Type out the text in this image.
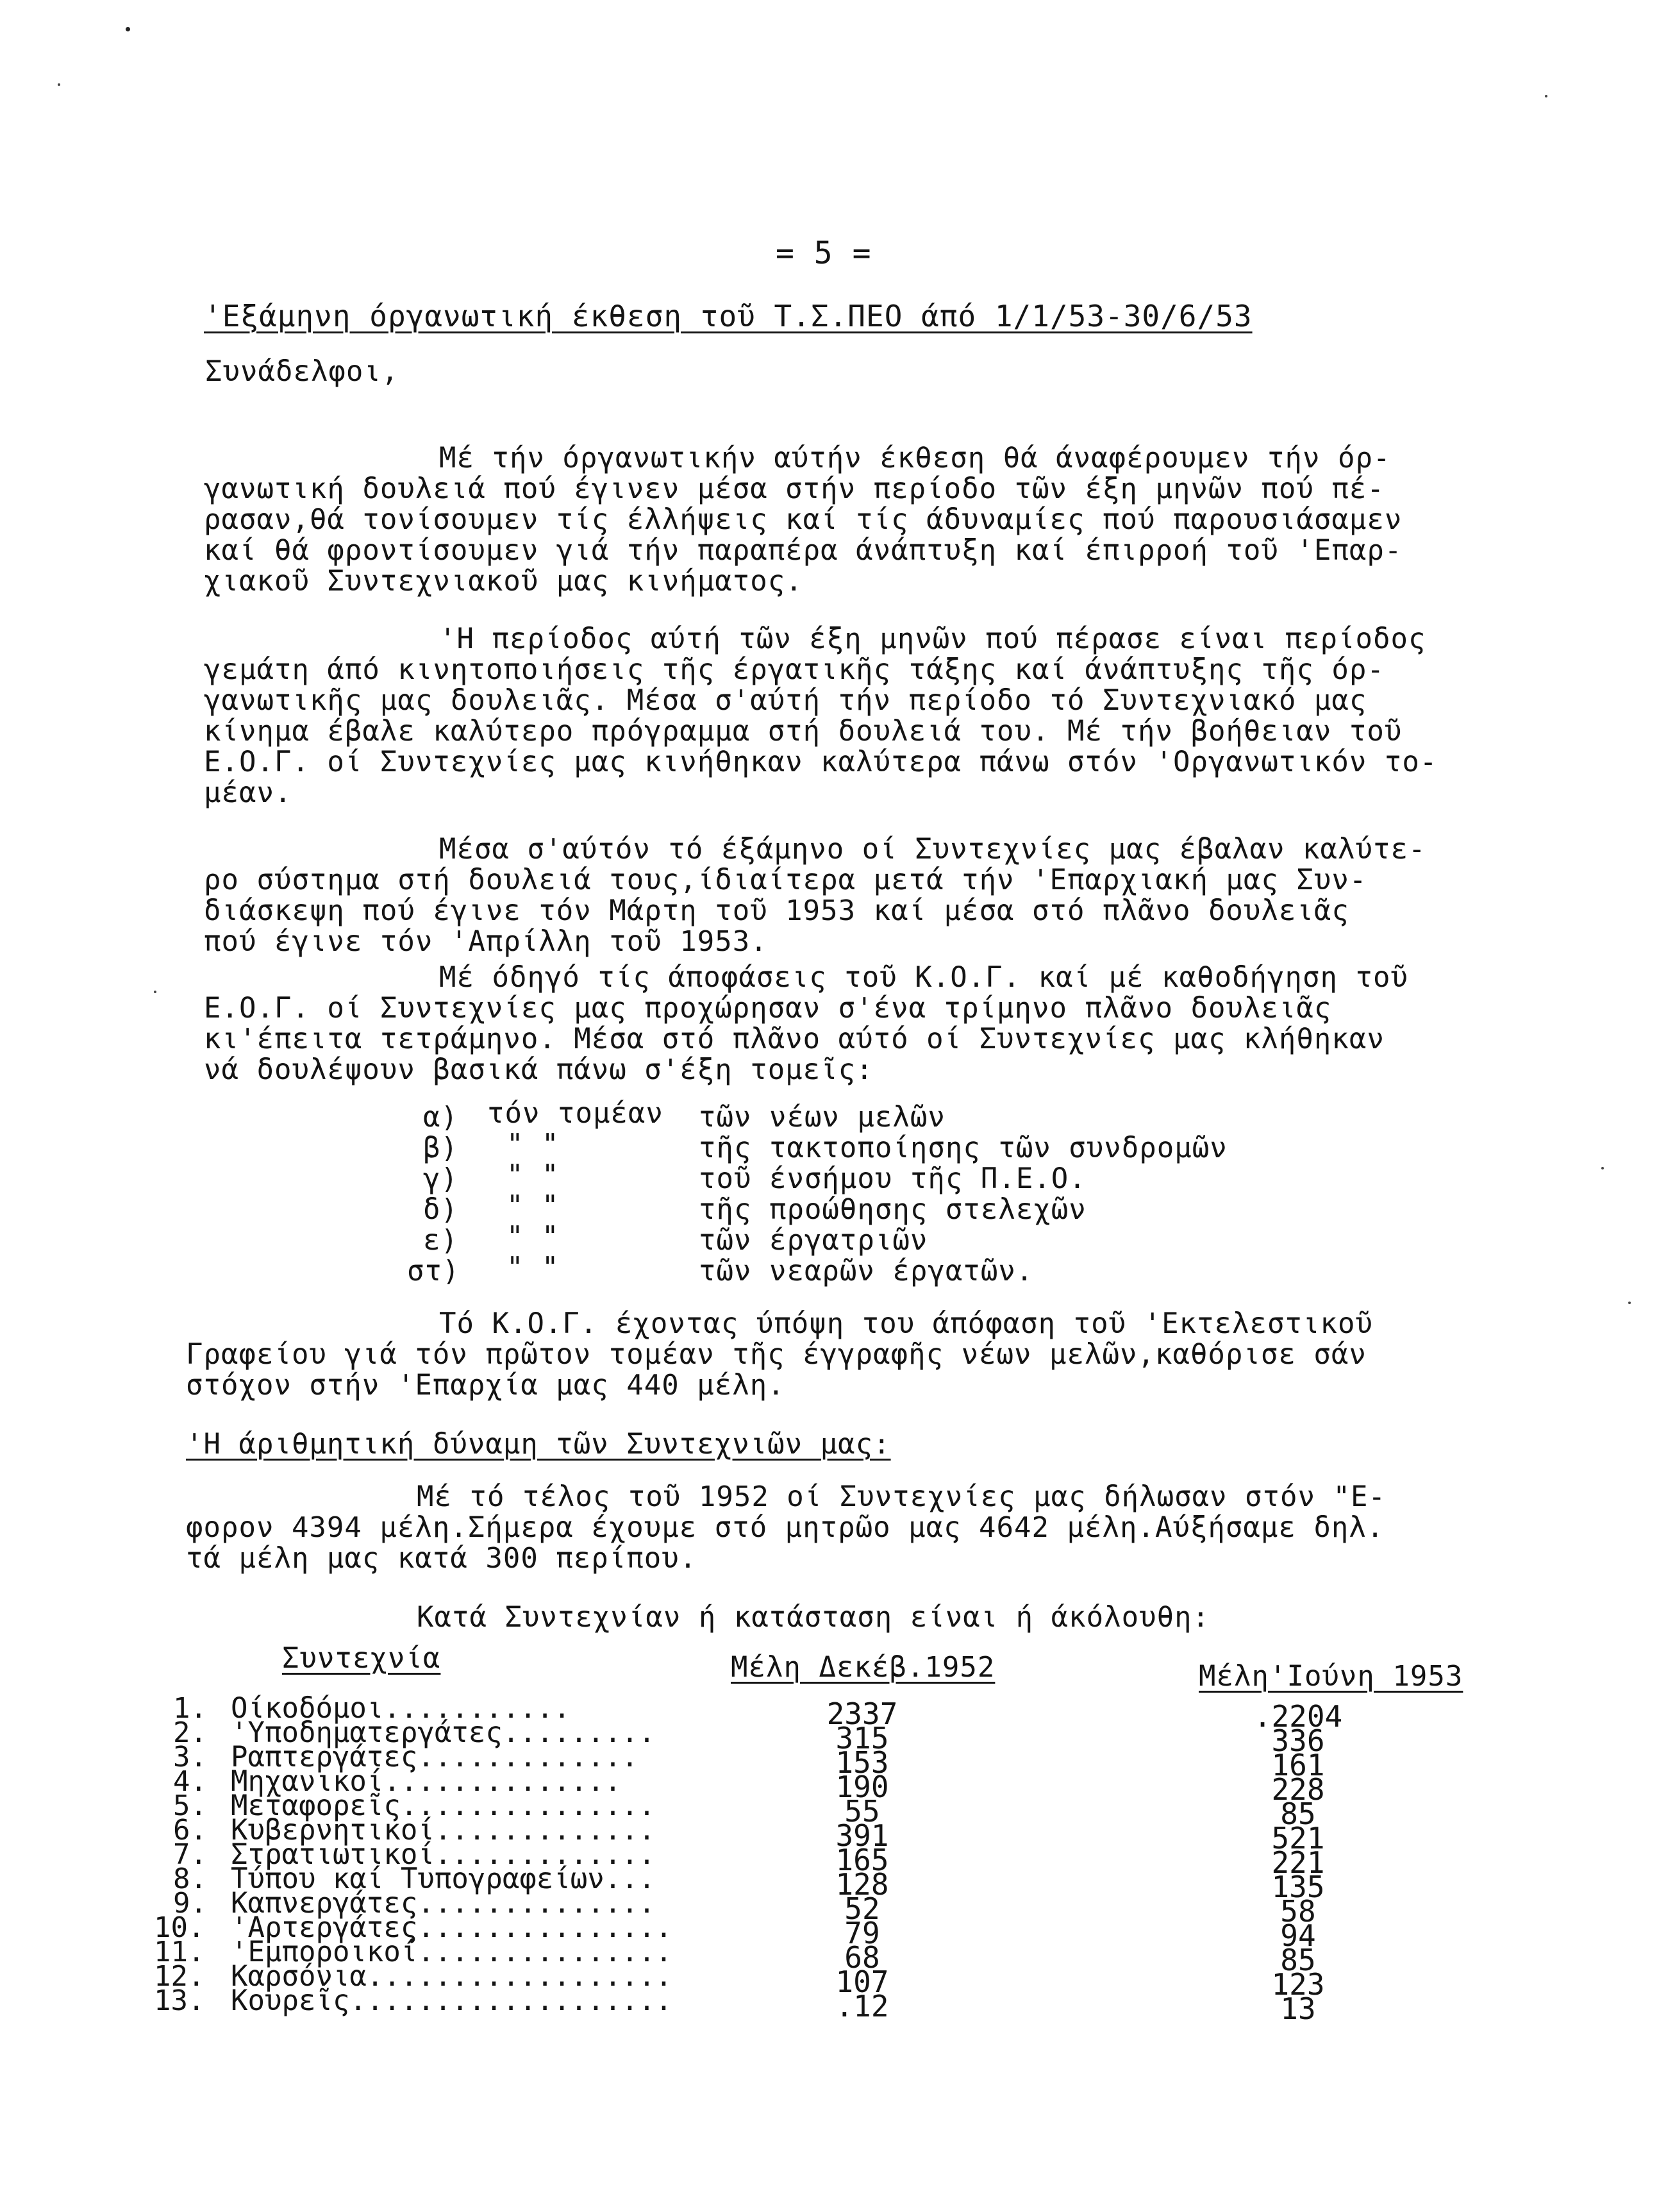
= 5 =
'Εξάμηνη όργανωτική έκθεση τοῦ Τ.Σ.ΠΕΟ άπό 1/1/53-30/6/53
Συνάδελφοι,
Μέ τήν όργανωτικήν αύτήν έκθεση θά άναφέρουμεν τήν όρ-
γανωτική δουλειά πού έγινεν μέσα στήν περίοδο τῶν έξη μηνῶν πού πέ-
ρασαν,θά τονίσουμεν τίς έλλήψεις καί τίς άδυναμίες πού παρουσιάσαμεν
καί θά φροντίσουμεν γιά τήν παραπέρα άνάπτυξη καί έπιρροή τοῦ 'Επαρ-
χιακοῦ Συντεχνιακοῦ μας κινήματος.
'Η περίοδος αύτή τῶν έξη μηνῶν πού πέρασε είναι περίοδος
γεμάτη άπό κινητοποιήσεις τῆς έργατικῆς τάξης καί άνάπτυξης τῆς όρ-
γανωτικῆς μας δουλειᾶς. Μέσα σ'αύτή τήν περίοδο τό Συντεχνιακό μας
κίνημα έβαλε καλύτερο πρόγραμμα στή δουλειά του. Μέ τήν βοήθειαν τοῦ
Ε.Ο.Γ. οί Συντεχνίες μας κινήθηκαν καλύτερα πάνω στόν 'Οργανωτικόν το-
μέαν.
Μέσα σ'αύτόν τό έξάμηνο οί Συντεχνίες μας έβαλαν καλύτε-
ρο σύστημα στή δουλειά τους,ίδιαίτερα μετά τήν 'Επαρχιακή μας Συν-
διάσκεψη πού έγινε τόν Μάρτη τοῦ 1953 καί μέσα στό πλᾶνο δουλειᾶς
πού έγινε τόν 'Απρίλλη τοῦ 1953.
Μέ όδηγό τίς άποφάσεις τοῦ Κ.Ο.Γ. καί μέ καθοδήγηση τοῦ
Ε.Ο.Γ. οί Συντεχνίες μας προχώρησαν σ'ένα τρίμηνο πλᾶνο δουλειᾶς
κι'έπειτα τετράμηνο. Μέσα στό πλᾶνο αύτό οί Συντεχνίες μας κλήθηκαν
νά δουλέψουν βασικά πάνω σ'έξη τομεῖς:
α) τόν τομέαν τῶν νέων μελῶν
β) " "	τῆς τακτοποίησης τῶν συνδρομῶν
γ) " "	τοῦ ένσήμου τῆς Π.Ε.Ο.
δ) " "	τῆς προώθησης στελεχῶν
ε) " "	τῶν έργατριῶν
στ) " "	τῶν νεαρῶν έργατῶν.
Τό Κ.Ο.Γ. έχοντας ύπόψη του άπόφαση τοῦ 'Εκτελεστικοῦ
Γραφείου γιά τόν πρῶτον τομέαν τῆς έγγραφῆς νέων μελῶν,καθόρισε σάν
στόχον στήν 'Επαρχία μας 440 μέλη.
'Η άριθμητική δύναμη τῶν Συντεχνιῶν μας:
Μέ τό τέλος τοῦ 1952 οί Συντεχνίες μας δήλωσαν στόν "Ε-
φορον 4394 μέλη.Σήμερα έχουμε στό μητρῶο μας 4642 μέλη.Αύξήσαμε δηλ.
τά μέλη μας κατά 300 περίπου.
Κατά Συντεχνίαν ή κατάσταση είναι ή άκόλουθη:
Συντεχνία	Μέλη Δεκέβ.1952	Μέλη'Ιούνη 1953
1. Οίκοδόμοι...........	2337	.2204
2. 'Υποδηματεργάτες.........	315	336
3. Ραπτεργάτες.............	153	161
4. Μηχανικοί..............	190	228
5. Μεταφορεῖς...............	55	85
6. Κυβερνητικοί.............	391	521
7. Στρατιωτικοί.............	165	221
8. Τύπου καί Τυπογραφείων...	128	135
9. Καπνεργάτες..............	52	58
10. 'Αρτεργάτες...............	79	94
11. 'Εμποροικοί...............	68	85
12. Καρσόνια..................	107	123
13. Κουρεῖς...................	.12	13
